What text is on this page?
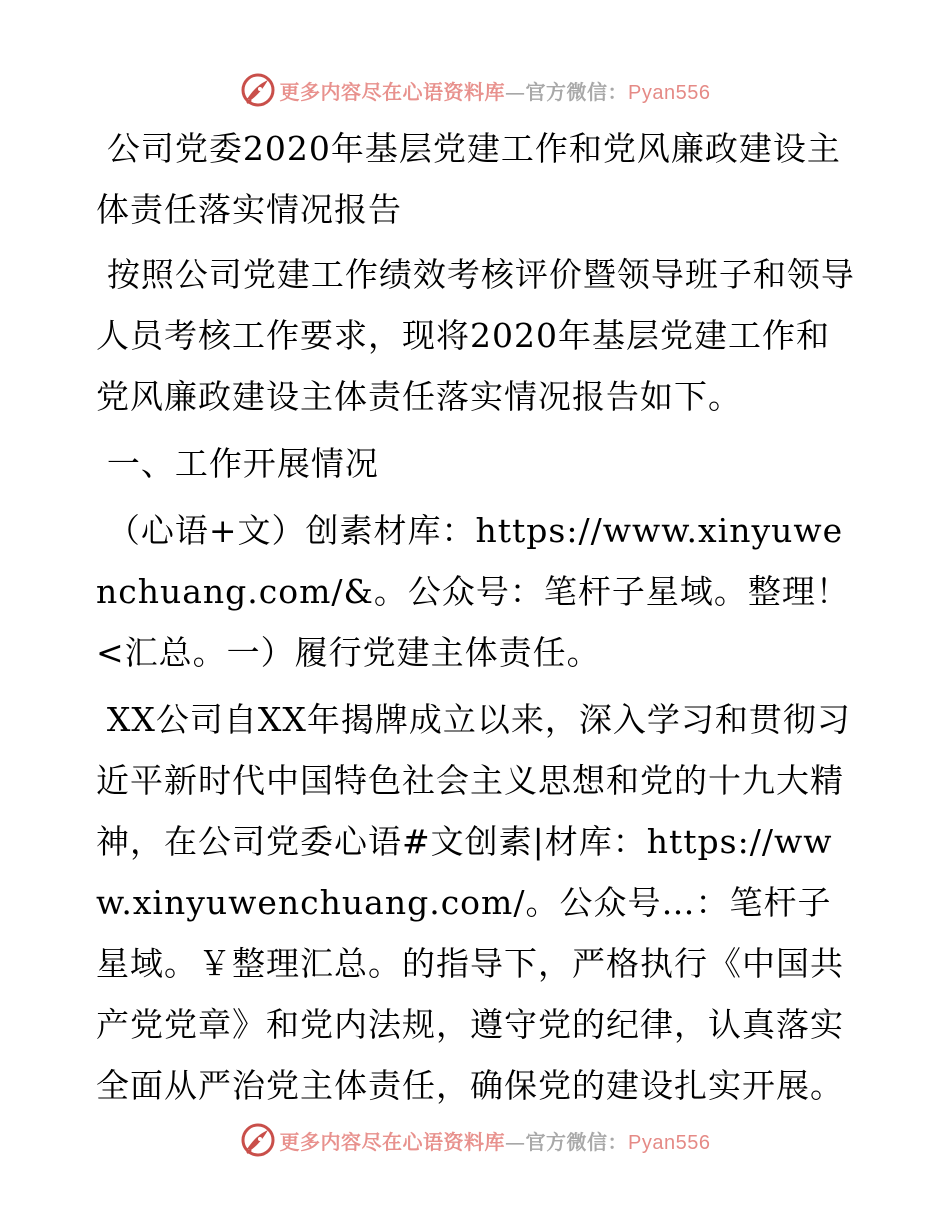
更多内容尽在心语资料库—官方微信：Pyan556

公司党委2020年基层党建工作和党风廉政建设主体责任落实情况报告

按照公司党建工作绩效考核评价暨领导班子和领导人员考核工作要求，现将2020年基层党建工作和党风廉政建设主体责任落实情况报告如下。

一、工作开展情况

（心语+文）创素材库：https://www.xinyuwenchuang.com/&。公众号：笔杆子星域。整理！<汇总。一）履行党建主体责任。

XX公司自XX年揭牌成立以来，深入学习和贯彻习近平新时代中国特色社会主义思想和党的十九大精神，在公司党委心语#文创素|材库：https://www.xinyuwenchuang.com/。公众号…：笔杆子星域。￥整理汇总。的指导下，严格执行《中国共产党党章》和党内法规，遵守党的纪律，认真落实全面从严治党主体责任，确保党的建设扎实开展。

更多内容尽在心语资料库—官方微信：Pyan556
